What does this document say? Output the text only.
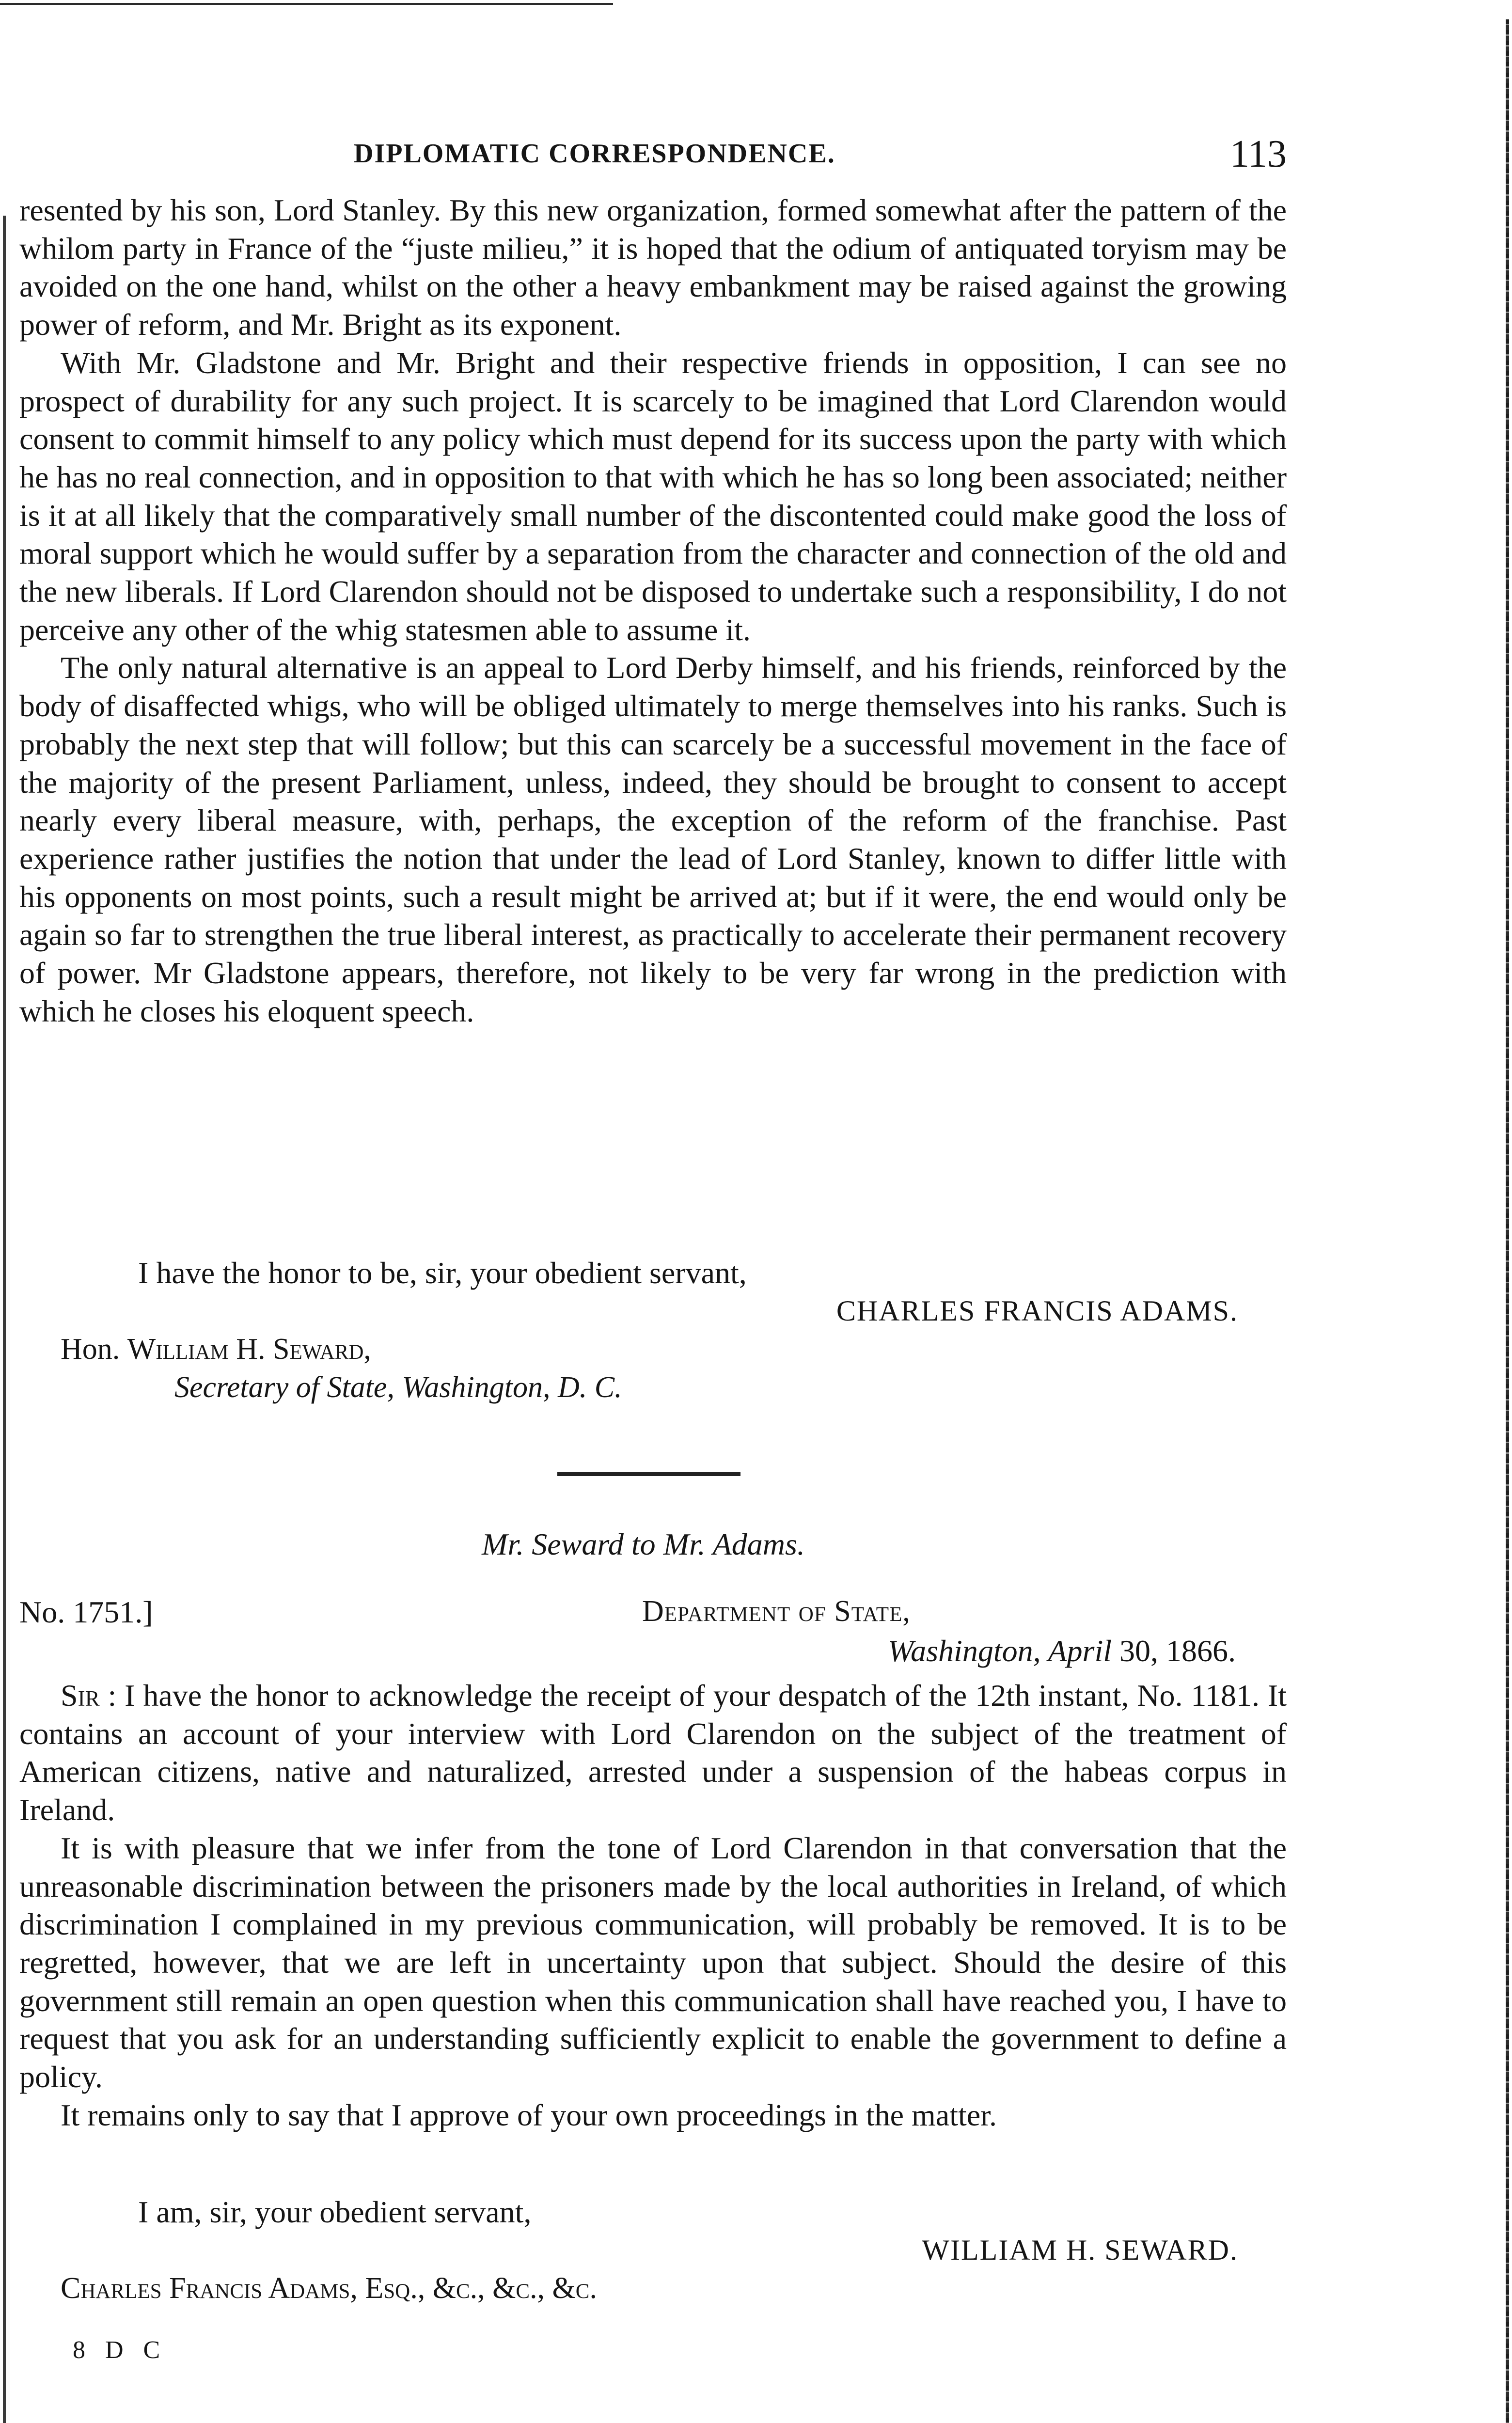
DIPLOMATIC CORRESPONDENCE.	113

resented by his son, Lord Stanley. By this new organization, formed somewhat after the pattern of the whilom party in France of the “juste milieu,” it is hoped that the odium of antiquated toryism may be avoided on the one hand, whilst on the other a heavy embankment may be raised against the growing power of reform, and Mr. Bright as its exponent.

With Mr. Gladstone and Mr. Bright and their respective friends in opposition, I can see no prospect of durability for any such project. It is scarcely to be imagined that Lord Clarendon would consent to commit himself to any policy which must depend for its success upon the party with which he has no real connection, and in opposition to that with which he has so long been associated; neither is it at all likely that the comparatively small number of the discontented could make good the loss of moral support which he would suffer by a separation from the character and connection of the old and the new liberals. If Lord Clarendon should not be disposed to undertake such a responsibility, I do not perceive any other of the whig statesmen able to assume it.

The only natural alternative is an appeal to Lord Derby himself, and his friends, reinforced by the body of disaffected whigs, who will be obliged ultimately to merge themselves into his ranks. Such is probably the next step that will follow; but this can scarcely be a successful movement in the face of the majority of the present Parliament, unless, indeed, they should be brought to consent to accept nearly every liberal measure, with, perhaps, the exception of the reform of the franchise. Past experience rather justifies the notion that under the lead of Lord Stanley, known to differ little with his opponents on most points, such a result might be arrived at; but if it were, the end would only be again so far to strengthen the true liberal interest, as practically to accelerate their permanent recovery of power. Mr Gladstone appears, therefore, not likely to be very far wrong in the prediction with which he closes his eloquent speech.

I have the honor to be, sir, your obedient servant,
CHARLES FRANCIS ADAMS.
Hon. William H. Seward,
Secretary of State, Washington, D. C.
Mr. Seward to Mr. Adams.
No. 1751.]	Department of State,
Washington, April 30, 1866.

Sir : I have the honor to acknowledge the receipt of your despatch of the 12th instant, No. 1181. It contains an account of your interview with Lord Clarendon on the subject of the treatment of American citizens, native and naturalized, arrested under a suspension of the habeas corpus in Ireland.

It is with pleasure that we infer from the tone of Lord Clarendon in that conversation that the unreasonable discrimination between the prisoners made by the local authorities in Ireland, of which discrimination I complained in my previous communication, will probably be removed. It is to be regretted, however, that we are left in uncertainty upon that subject. Should the desire of this government still remain an open question when this communication shall have reached you, I have to request that you ask for an understanding sufficiently explicit to enable the government to define a policy.

It remains only to say that I approve of your own proceedings in the matter.

I am, sir, your obedient servant,
WILLIAM H. SEWARD.
Charles Francis Adams, Esq., &c., &c., &c.
8 D C
